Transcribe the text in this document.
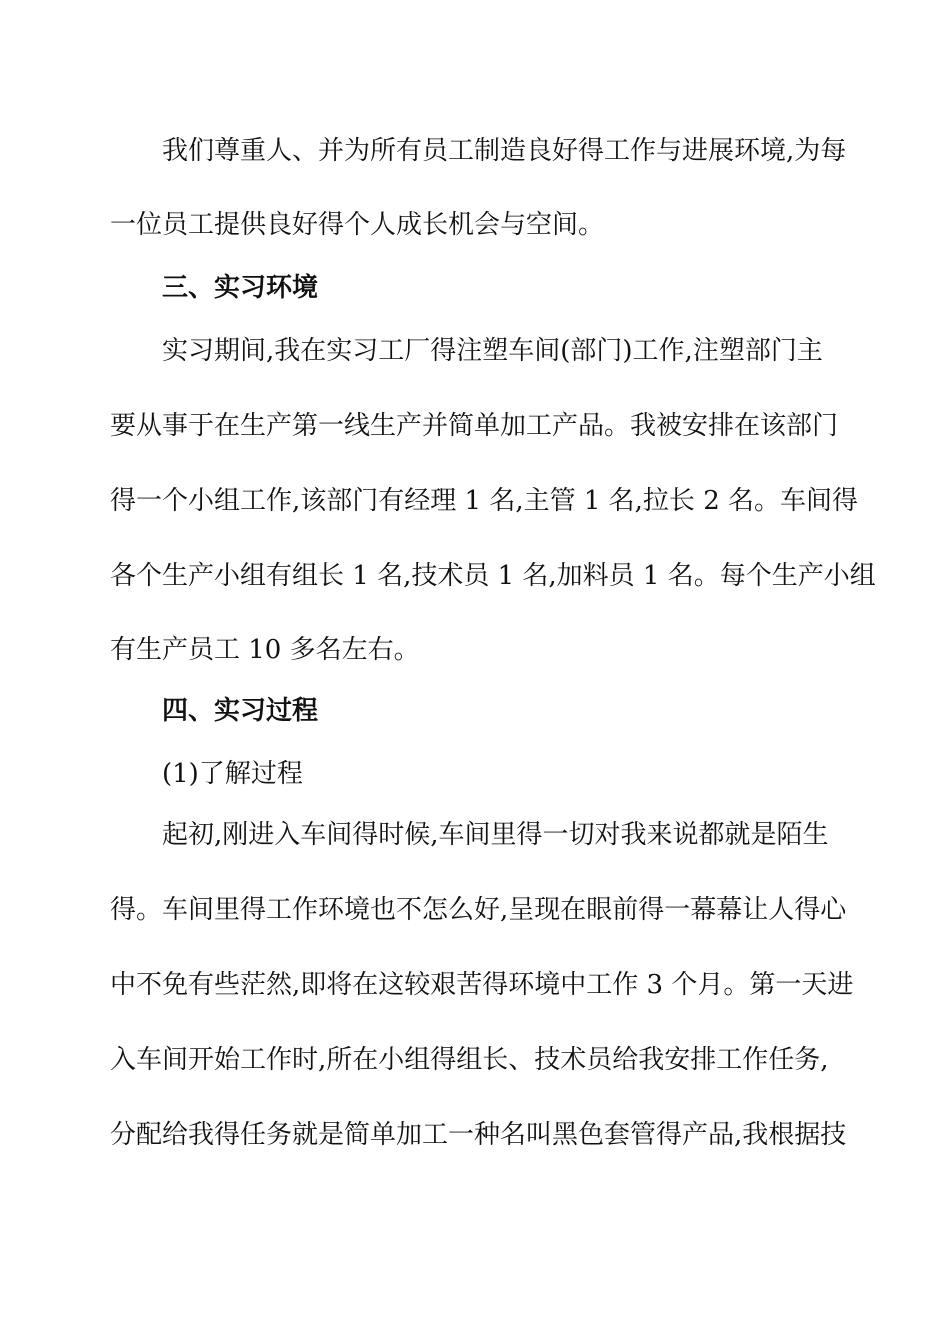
我们尊重人、并为所有员工制造良好得工作与进展环境,为每
一位员工提供良好得个人成长机会与空间。
三、实习环境
实习期间,我在实习工厂得注塑车间(部门)工作,注塑部门主
要从事于在生产第一线生产并简单加工产品。我被安排在该部门
得一个小组工作,该部门有经理 1 名,主管 1 名,拉长 2 名。车间得
各个生产小组有组长 1 名,技术员 1 名,加料员 1 名。每个生产小组
有生产员工 10 多名左右。
四、实习过程
(1)了解过程
起初,刚进入车间得时候,车间里得一切对我来说都就是陌生
得。车间里得工作环境也不怎么好,呈现在眼前得一幕幕让人得心
中不免有些茫然,即将在这较艰苦得环境中工作 3 个月。第一天进
入车间开始工作时,所在小组得组长、技术员给我安排工作任务,
分配给我得任务就是简单加工一种名叫黑色套管得产品,我根据技
